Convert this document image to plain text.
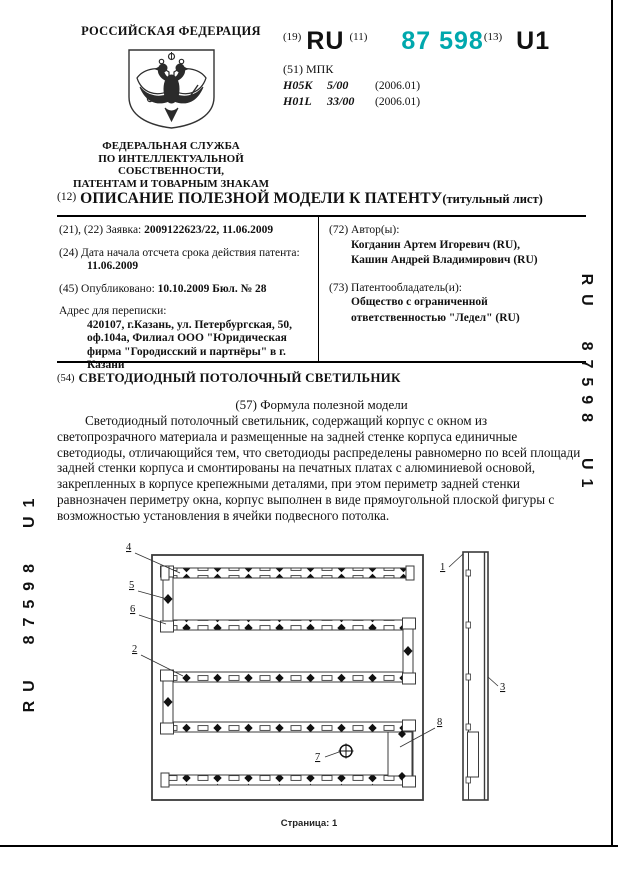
РОССИЙСКАЯ ФЕДЕРАЦИЯ
ФЕДЕРАЛЬНАЯ СЛУЖБА
ПО ИНТЕЛЛЕКТУАЛЬНОЙ СОБСТВЕННОСТИ,
ПАТЕНТАМ И ТОВАРНЫМ ЗНАКАМ
(19) RU (11) 87 598 (13) U1
(51) МПК
H05K 5/00 (2006.01)
H01L 33/00 (2006.01)
(12) ОПИСАНИЕ ПОЛЕЗНОЙ МОДЕЛИ К ПАТЕНТУ(титульный лист)
(21), (22) Заявка: 2009122623/22, 11.06.2009
(24) Дата начала отсчета срока действия патента:
11.06.2009
(45) Опубликовано: 10.10.2009 Бюл. № 28
Адрес для переписки:
420107, г.Казань, ул. Петербургская, 50, оф.104а, Филиал ООО "Юридическая фирма "Городисский и партнёры" в г. Казани
(72) Автор(ы):
Когданин Артем Игоревич (RU),
Кашин Андрей Владимирович (RU)
(73) Патентообладатель(и):
Общество с ограниченной ответственностью "Ледел" (RU)
(54) СВЕТОДИОДНЫЙ ПОТОЛОЧНЫЙ СВЕТИЛЬНИК
(57) Формула полезной модели
Светодиодный потолочный светильник, содержащий корпус с окном из светопрозрачного материала и размещенные на задней стенке корпуса единичные светодиоды, отличающийся тем, что светодиоды распределены равномерно по всей площади задней стенки корпуса и смонтированы на печатных платах с алюминиевой основой, закрепленных в корпусе крепежными деталями, при этом периметр задней стенки равнозначен периметру окна, корпус выполнен в виде прямоугольной плоской фигуры с возможностью установления в ячейки подвесного потолка.
RU  87598  U1
RU  87598  U1
4
5
6
2
1
3
8
7
Страница: 1
